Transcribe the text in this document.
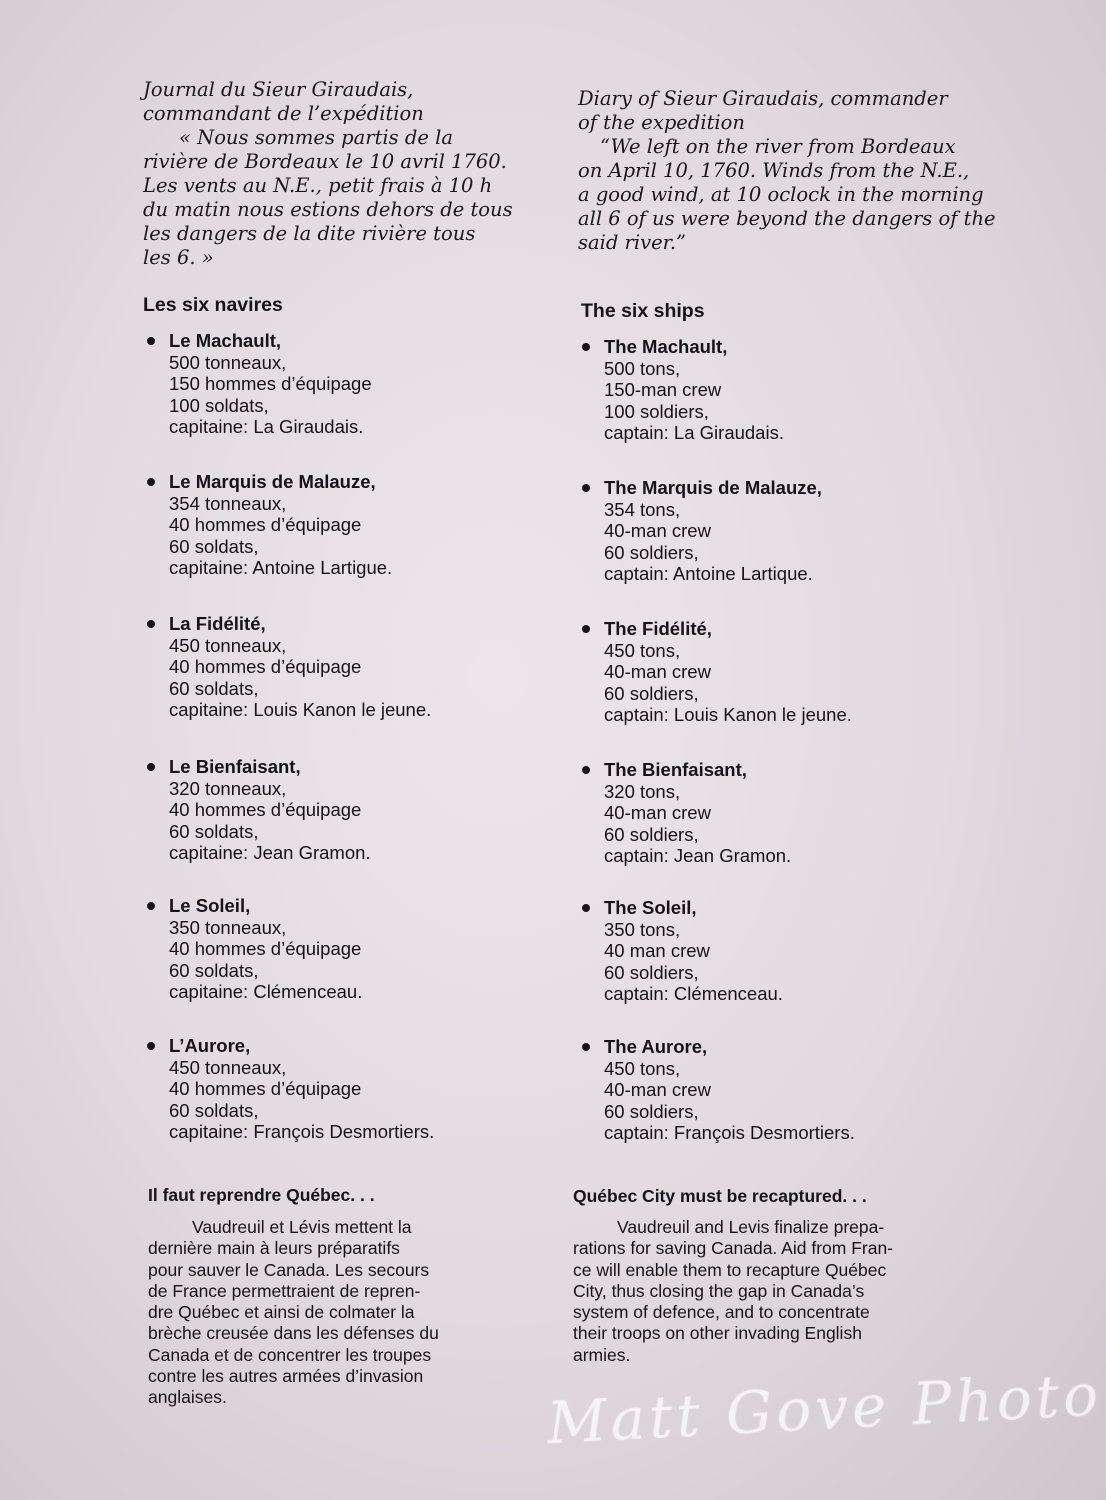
Journal du Sieur Giraudais,
commandant de l’expédition
« Nous sommes partis de la
rivière de Bordeaux le 10 avril 1760.
Les vents au N.E., petit frais à 10 h
du matin nous estions dehors de tous
les dangers de la dite rivière tous
les 6. »
Les six navires
Le Machault,
500 tonneaux,
150 hommes d’équipage
100 soldats,
capitaine: La Giraudais.
Le Marquis de Malauze,
354 tonneaux,
40 hommes d’équipage
60 soldats,
capitaine: Antoine Lartigue.
La Fidélité,
450 tonneaux,
40 hommes d’équipage
60 soldats,
capitaine: Louis Kanon le jeune.
Le Bienfaisant,
320 tonneaux,
40 hommes d’équipage
60 soldats,
capitaine: Jean Gramon.
Le Soleil,
350 tonneaux,
40 hommes d’équipage
60 soldats,
capitaine: Clémenceau.
L’Aurore,
450 tonneaux,
40 hommes d’équipage
60 soldats,
capitaine: François Desmortiers.
Il faut reprendre Québec. . .
Vaudreuil et Lévis mettent la
dernière main à leurs préparatifs
pour sauver le Canada. Les secours
de France permettraient de repren-
dre Québec et ainsi de colmater la
brèche creusée dans les défenses du
Canada et de concentrer les troupes
contre les autres armées d’invasion
anglaises.
Diary of Sieur Giraudais, commander
of the expedition
“We left on the river from Bordeaux
on April 10, 1760. Winds from the N.E.,
a good wind, at 10 oclock in the morning
all 6 of us were beyond the dangers of the
said river.”
The six ships
The Machault,
500 tons,
150-man crew
100 soldiers,
captain: La Giraudais.
The Marquis de Malauze,
354 tons,
40-man crew
60 soldiers,
captain: Antoine Lartique.
The Fidélité,
450 tons,
40-man crew
60 soldiers,
captain: Louis Kanon le jeune.
The Bienfaisant,
320 tons,
40-man crew
60 soldiers,
captain: Jean Gramon.
The Soleil,
350 tons,
40 man crew
60 soldiers,
captain: Clémenceau.
The Aurore,
450 tons,
40-man crew
60 soldiers,
captain: François Desmortiers.
Québec City must be recaptured. . .
Vaudreuil and Levis finalize prepa-
rations for saving Canada. Aid from Fran-
ce will enable them to recapture Québec
City, thus closing the gap in Canada’s
system of defence, and to concentrate
their troops on other invading English
armies.
Matt Gove Photo
